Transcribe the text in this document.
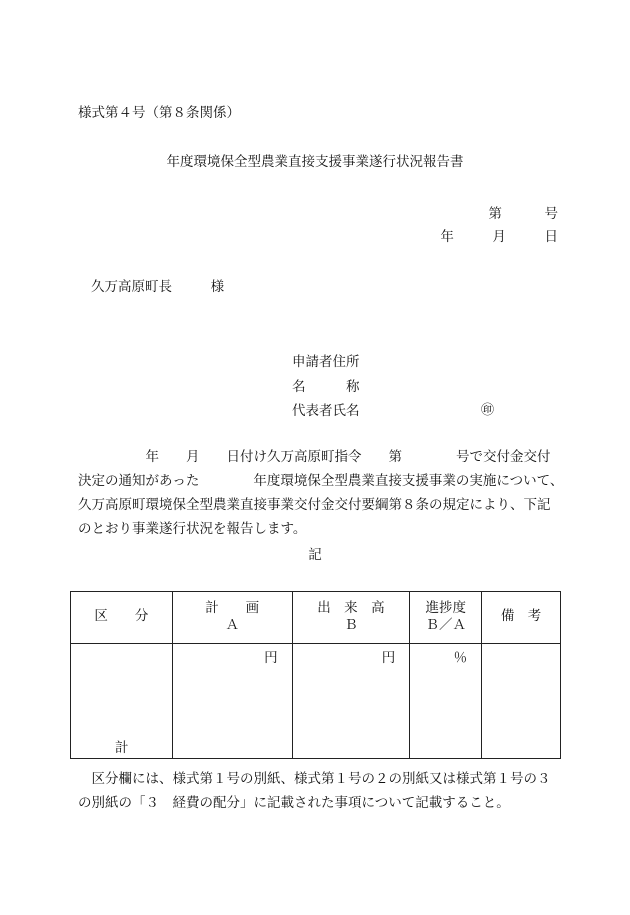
様式第４号（第８条関係）
年度環境保全型農業直接支援事業遂行状況報告書
第	号
年	月	日
久万高原町長	様
申請者住所
名　　　称
代表者氏名	㊞
　　　　　年　　月　　日付け久万高原町指令　　第　　　　号で交付金交付
決定の通知があった　　　　年度環境保全型農業直接支援事業の実施について、
久万高原町環境保全型農業直接事業交付金交付要綱第８条の規定により、下記
のとおり事業遂行状況を報告します。
記
区　　分	計　　画
Ａ	出　来　高
Ｂ	進捗度
Ｂ／Ａ	備　考

計	円	円	％	

　区分欄には、様式第１号の別紙、様式第１号の２の別紙又は様式第１号の３
の別紙の「３　経費の配分」に記載された事項について記載すること。
